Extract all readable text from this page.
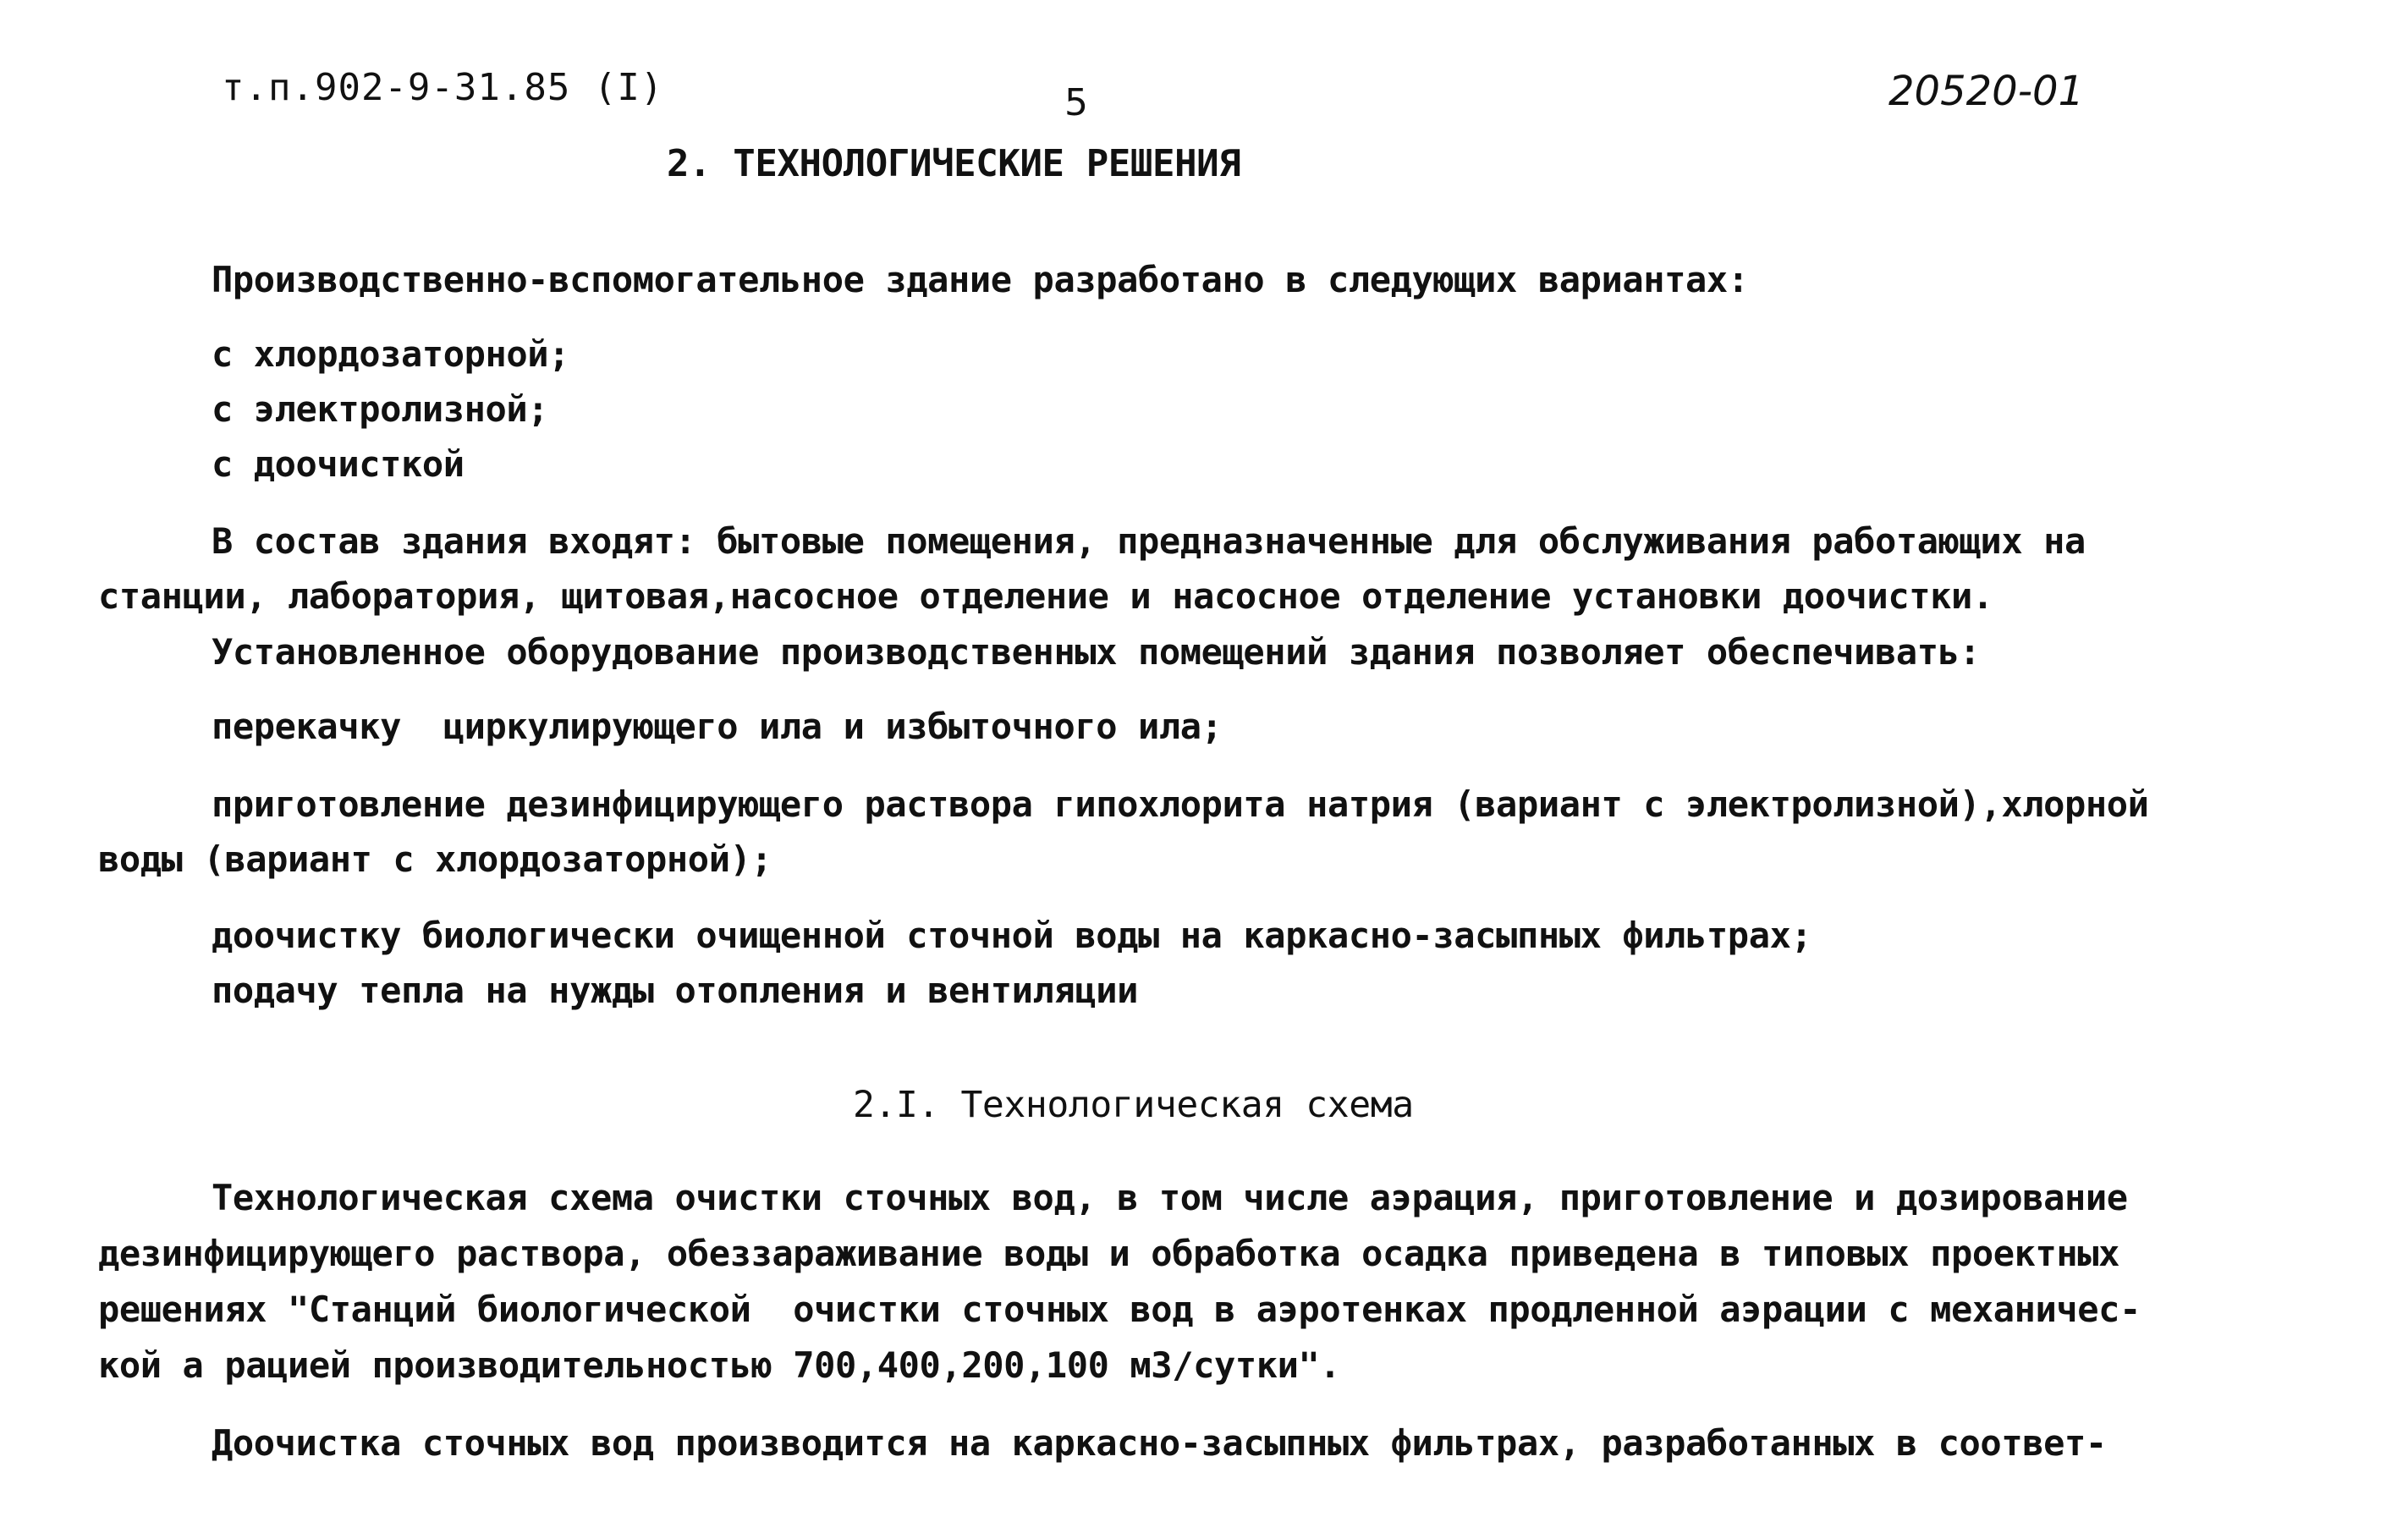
т.п.902-9-31.85 (I)	5	20520-01
2. ТЕХНОЛОГИЧЕСКИЕ РЕШЕНИЯ
Производственно-вспомогательное здание разработано в следующих вариантах:
с хлордозаторной;
с электролизной;
с доочисткой
В состав здания входят: бытовые помещения, предназначенные для обслуживания работающих на
станции, лаборатория, щитовая,насосное отделение и насосное отделение установки доочистки.
Установленное оборудование производственных помещений здания позволяет обеспечивать:
перекачку  циркулирующего ила и избыточного ила;
приготовление дезинфицирующего раствора гипохлорита натрия (вариант с электролизной),хлорной
воды (вариант с хлордозаторной);
доочистку биологически очищенной сточной воды на каркасно-засыпных фильтрах;
подачу тепла на нужды отопления и вентиляции
2.I. Технологическая схема
Технологическая схема очистки сточных вод, в том числе аэрация, приготовление и дозирование
дезинфицирующего раствора, обеззараживание воды и обработка осадка приведена в типовых проектных
решениях "Станций биологической  очистки сточных вод в аэротенках продленной аэрации с механичес-
кой а рацией производительностью 700,400,200,100 м3/сутки".
Доочистка сточных вод производится на каркасно-засыпных фильтрах, разработанных в соответ-
